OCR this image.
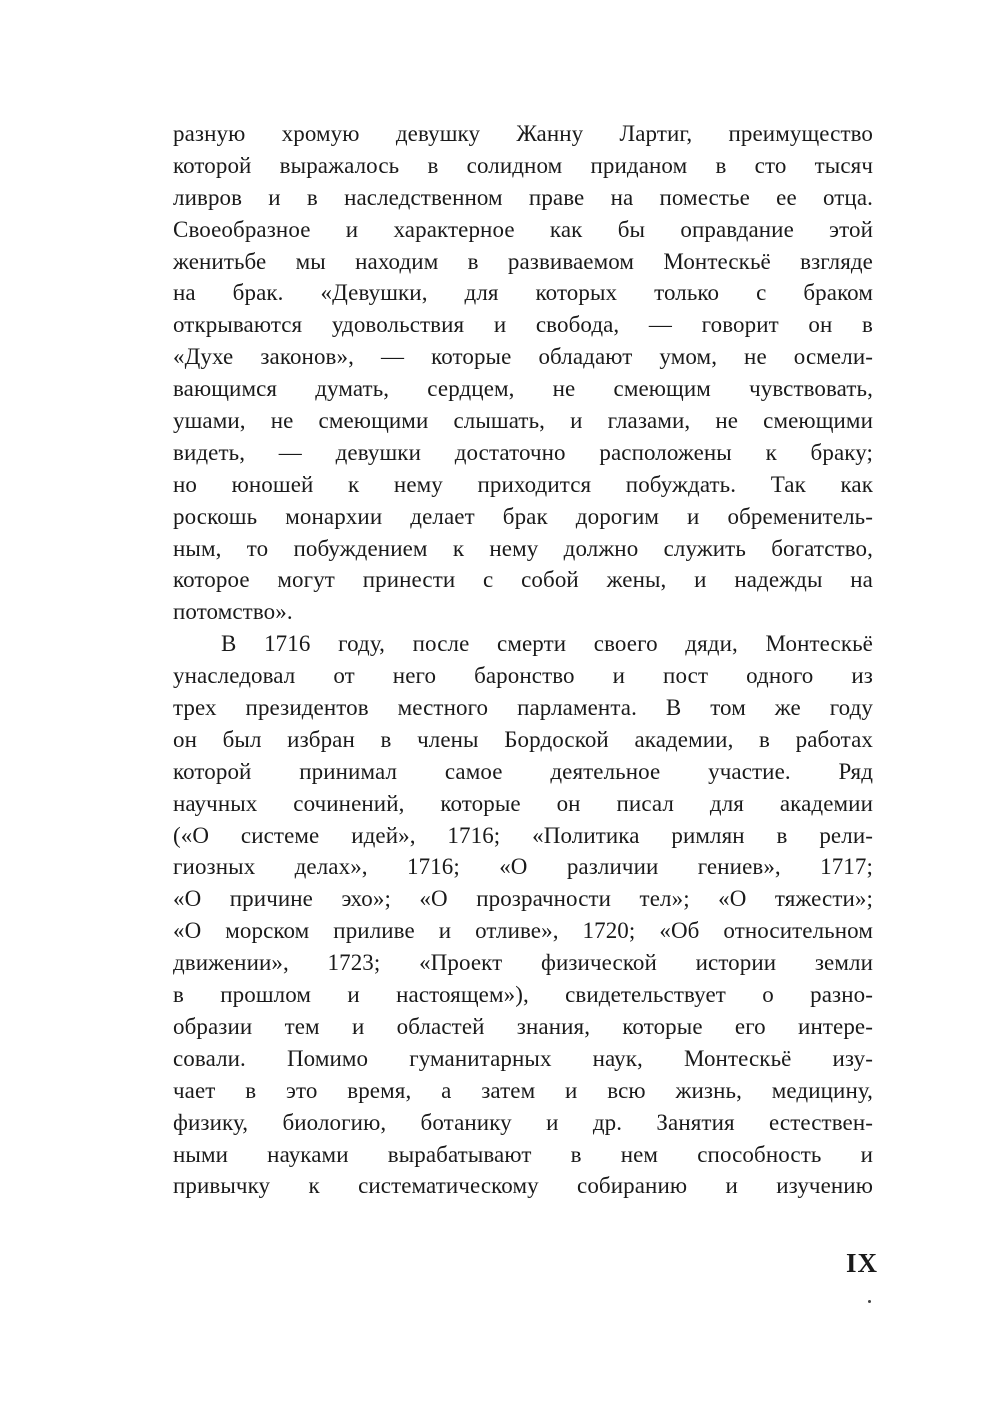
разную хромую девушку Жанну Лартиг, преимущество
которой выражалось в солидном приданом в сто тысяч
ливров и в наследственном праве на поместье ее отца.
Своеобразное и характерное как бы оправдание этой
женитьбе мы находим в развиваемом Монтескьё взгляде
на брак. «Девушки, для которых только с браком
открываются удовольствия и свобода, — говорит он в
«Духе законов», — которые обладают умом, не осмели-
вающимся думать, сердцем, не смеющим чувствовать,
ушами, не смеющими слышать, и глазами, не смеющими
видеть, — девушки достаточно расположены к браку;
но юношей к нему приходится побуждать. Так как
роскошь монархии делает брак дорогим и обременитель-
ным, то побуждением к нему должно служить богатство,
которое могут принести с собой жены, и надежды на
потомство».
В 1716 году, после смерти своего дяди, Монтескьё
унаследовал от него баронство и пост одного из
трех президентов местного парламента. В том же году
он был избран в члены Бордоской академии, в работах
которой принимал самое деятельное участие. Ряд
научных сочинений, которые он писал для академии
(«О системе идей», 1716; «Политика римлян в рели-
гиозных делах», 1716; «О различии гениев», 1717;
«О причине эхо»; «О прозрачности тел»; «О тяжести»;
«О морском приливе и отливе», 1720; «Об относительном
движении», 1723; «Проект физической истории земли
в прошлом и настоящем»), свидетельствует о разно-
образии тем и областей знания, которые его интере-
совали. Помимо гуманитарных наук, Монтескьё изу-
чает в это время, а затем и всю жизнь, медицину,
физику, биологию, ботанику и др. Занятия естествен-
ными науками вырабатывают в нем способность и
привычку к систематическому собиранию и изучению
IX
